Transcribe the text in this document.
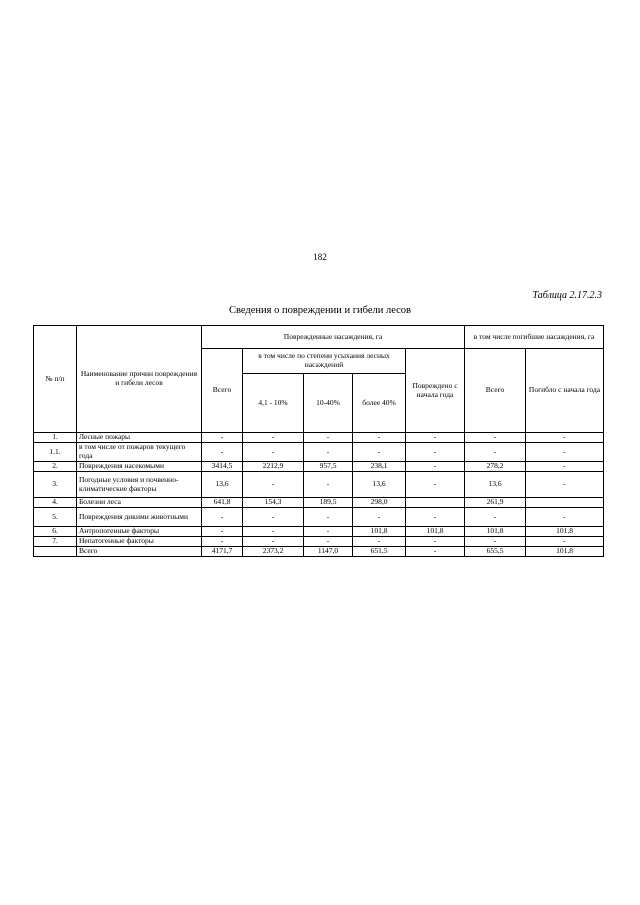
182
Таблица 2.17.2.3
Сведения о повреждении и гибели лесов
№ п/п	Наименование причин повреждения и гибели лесов	Поврежденные насаждения, га					в том числе погибшие насаждения, га	
		Всего	в том числе по степени усыхания лесных насаждений			Повреждено с начала года	Всего	Погибло с начала года
			4,1 - 10%	10-40%	более 40%			
1.	Лесные пожары	-	-	-	-	-	-	-
1.1.	в том числе от пожаров текущего года	-	-	-	-	-	-	-
2.	Повреждения насекомыми	3414,5	2212,9	957,5	238,1	-	278,2	-
3.	Погодные условия и почвенно-климатические факторы	13,6	-	-	13,6	-	13,6	-
4.	Болезни леса	641,8	154,3	189,5	298,0		261,9	
5.	Повреждения дикими животными	-	-	-	-	-	-	-
6.	Антропогенные факторы	-	-	-	101,8	101,8	101,8	101,8
7.	Непатогенные факторы	-	-	-	-	-	-	-
	Всего	4171,7	2373,2	1147,0	651,5	-	655,5	101,8
